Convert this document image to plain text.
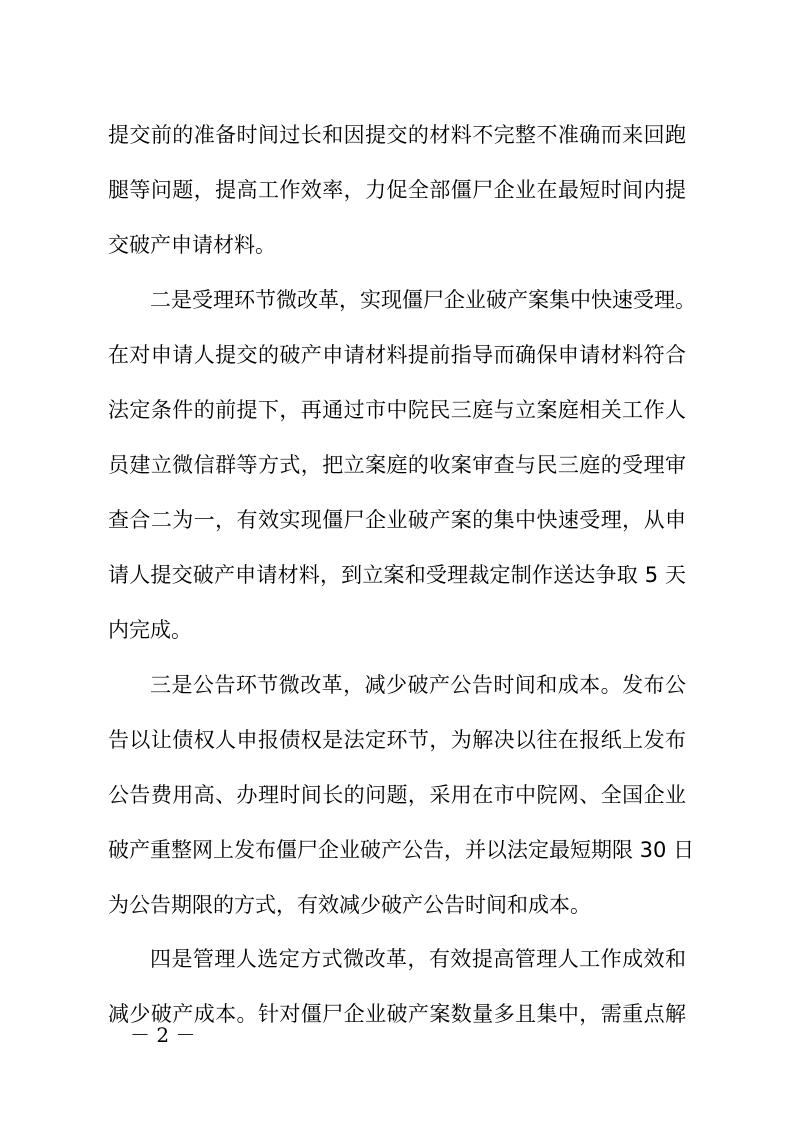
提交前的准备时间过长和因提交的材料不完整不准确而来回跑
腿等问题，提高工作效率，力促全部僵尸企业在最短时间内提
交破产申请材料。
二是受理环节微改革，实现僵尸企业破产案集中快速受理。
在对申请人提交的破产申请材料提前指导而确保申请材料符合
法定条件的前提下，再通过市中院民三庭与立案庭相关工作人
员建立微信群等方式，把立案庭的收案审查与民三庭的受理审
查合二为一，有效实现僵尸企业破产案的集中快速受理，从申
请人提交破产申请材料，到立案和受理裁定制作送达争取 5 天
内完成。
三是公告环节微改革，减少破产公告时间和成本。发布公
告以让债权人申报债权是法定环节，为解决以往在报纸上发布
公告费用高、办理时间长的问题，采用在市中院网、全国企业
破产重整网上发布僵尸企业破产公告，并以法定最短期限 30 日
为公告期限的方式，有效减少破产公告时间和成本。
四是管理人选定方式微改革，有效提高管理人工作成效和
减少破产成本。针对僵尸企业破产案数量多且集中，需重点解
－ 2 －
